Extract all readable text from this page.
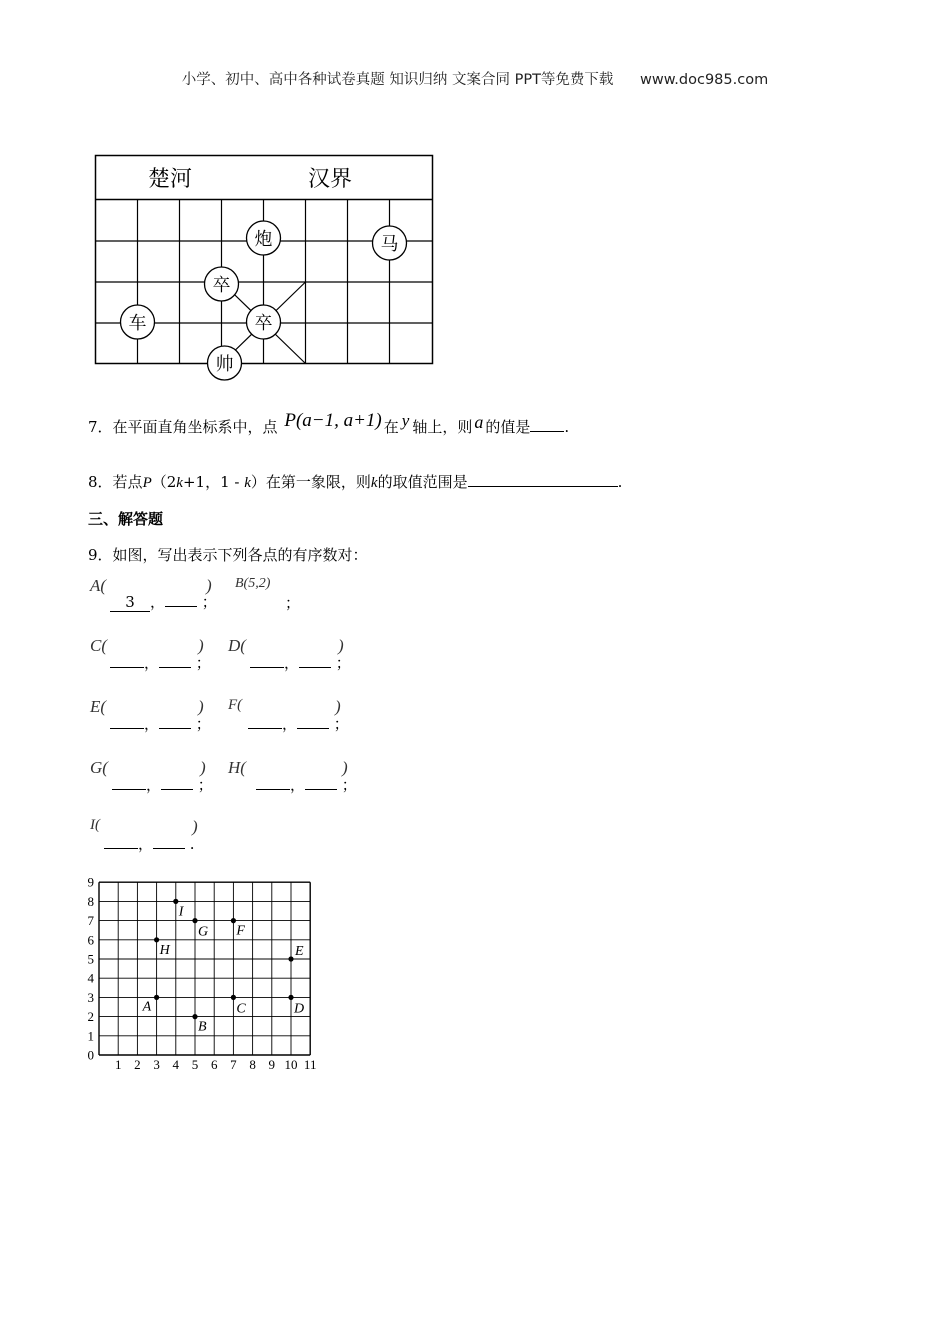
小学、初中、高中各种试卷真题 知识归纳 文案合同 PPT等免费下载 www.doc985.com
楚河	汉界
炮	马
卒
卒
车
帅
7．在平面直角坐标系中，点 P(a−1, a+1) 在 y 轴上，则 a 的值是 .
8．若点P（2k+1，1 - k）在第一象限，则k的取值范围是	.
三、解答题
9．如图，写出表示下列各点的有序数对：
A(	)
3 ， ；
B(5,2)
；
C(	)
， ；
D(	)
， ；
E(	)
， ；
F(	)
， ；
G(	)
， ；
H(	)
， ；
I(	)
， .
1 2 3 4 5 6 7 8 9 10 11
0
1
2
3
4
5
6
7
8
9
A
B
C	D
E
F
G
H
I
